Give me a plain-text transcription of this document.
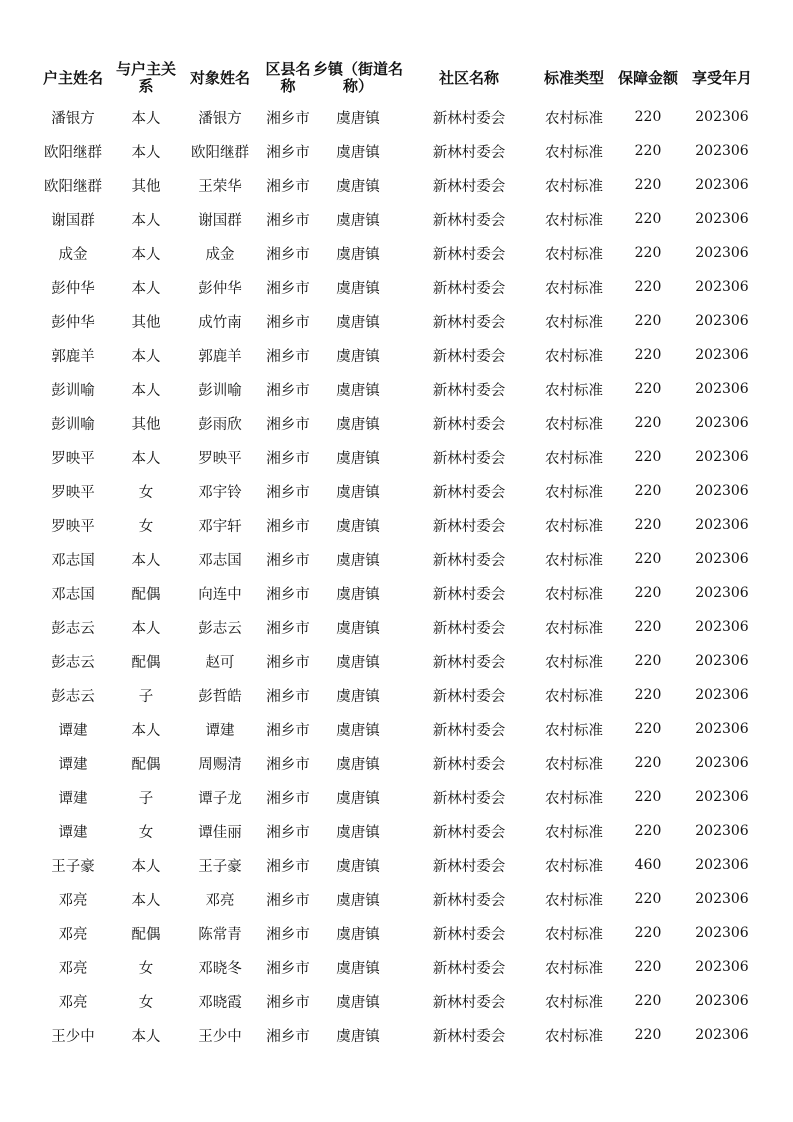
户主姓名	与户主关系	对象姓名	区县名称	乡镇（街道名称）	社区名称	标准类型	保障金额	享受年月
潘银方	本人	潘银方	湘乡市	虞唐镇	新林村委会	农村标准	220	202306
欧阳继群	本人	欧阳继群	湘乡市	虞唐镇	新林村委会	农村标准	220	202306
欧阳继群	其他	王荣华	湘乡市	虞唐镇	新林村委会	农村标准	220	202306
谢国群	本人	谢国群	湘乡市	虞唐镇	新林村委会	农村标准	220	202306
成金	本人	成金	湘乡市	虞唐镇	新林村委会	农村标准	220	202306
彭仲华	本人	彭仲华	湘乡市	虞唐镇	新林村委会	农村标准	220	202306
彭仲华	其他	成竹南	湘乡市	虞唐镇	新林村委会	农村标准	220	202306
郭鹿羊	本人	郭鹿羊	湘乡市	虞唐镇	新林村委会	农村标准	220	202306
彭训喻	本人	彭训喻	湘乡市	虞唐镇	新林村委会	农村标准	220	202306
彭训喻	其他	彭雨欣	湘乡市	虞唐镇	新林村委会	农村标准	220	202306
罗映平	本人	罗映平	湘乡市	虞唐镇	新林村委会	农村标准	220	202306
罗映平	女	邓宇铃	湘乡市	虞唐镇	新林村委会	农村标准	220	202306
罗映平	女	邓宇轩	湘乡市	虞唐镇	新林村委会	农村标准	220	202306
邓志国	本人	邓志国	湘乡市	虞唐镇	新林村委会	农村标准	220	202306
邓志国	配偶	向连中	湘乡市	虞唐镇	新林村委会	农村标准	220	202306
彭志云	本人	彭志云	湘乡市	虞唐镇	新林村委会	农村标准	220	202306
彭志云	配偶	赵可	湘乡市	虞唐镇	新林村委会	农村标准	220	202306
彭志云	子	彭哲皓	湘乡市	虞唐镇	新林村委会	农村标准	220	202306
谭建	本人	谭建	湘乡市	虞唐镇	新林村委会	农村标准	220	202306
谭建	配偶	周赐清	湘乡市	虞唐镇	新林村委会	农村标准	220	202306
谭建	子	谭子龙	湘乡市	虞唐镇	新林村委会	农村标准	220	202306
谭建	女	谭佳丽	湘乡市	虞唐镇	新林村委会	农村标准	220	202306
王子豪	本人	王子豪	湘乡市	虞唐镇	新林村委会	农村标准	460	202306
邓亮	本人	邓亮	湘乡市	虞唐镇	新林村委会	农村标准	220	202306
邓亮	配偶	陈常青	湘乡市	虞唐镇	新林村委会	农村标准	220	202306
邓亮	女	邓晓冬	湘乡市	虞唐镇	新林村委会	农村标准	220	202306
邓亮	女	邓晓霞	湘乡市	虞唐镇	新林村委会	农村标准	220	202306
王少中	本人	王少中	湘乡市	虞唐镇	新林村委会	农村标准	220	202306
